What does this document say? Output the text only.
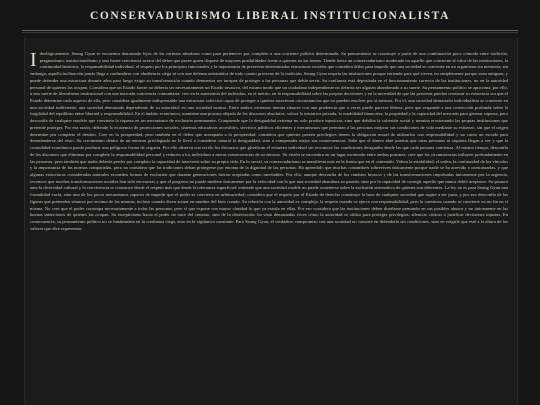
CONSERVADURISMO LIBERAL INSTITUCIONALISTA
Ideológicamente, Seung Gyun se encuentra demasiado lejos de las certezas absolutas como para pertenecer por completo a una corriente política determinada. Su pensamiento se construye a partir de una combinación poco cómoda entre tradición, pragmatismo, institucionalismo y una fuerte conciencia acerca del deber que posee quien dispone de mayores posibilidades frente a quienes no las tienen. Tiende hacia un conservadurismo moderado en aquello que concierne al valor de las instituciones, la continuidad histórica, la responsabilidad individual, el respeto por los principios funcionales y la importancia de preservar determinadas estructuras sociales que considera útiles para impedir que una sociedad se convierta en un organismo sin memoria; sin embargo, aquella inclinación jamás llega a confundirse con obediencia ciega ni con una defensa automática de todo cuanto proviene de la tradición. Seung Gyun respeta las instituciones porque entiende para qué sirven, no simplemente porque sean antiguas, y puede defender una estructura durante años para luego exigir su transformación cuando demuestra ser incapaz de proteger a las personas que debía servir. Su confianza está depositada en el funcionamiento correcto de las instituciones, no en la autoridad personal de quienes las ocupan. Considera que un Estado fuerte no debería ser necesariamente un Estado invasivo, del mismo modo que un ciudadano independiente no debería ser alguien abandonado a su suerte. Su pensamiento político se aproxima, por ello, a una suerte de liberalismo institucional con una marcada conciencia comunitaria: cree en la autonomía del individuo, en el mérito, en la responsabilidad sobre las propias decisiones y en la necesidad de que las personas puedan construir su existencia sin que el Estado determine cada aspecto de ella, pero considera igualmente indispensable una estructura colectiva capaz de proteger a quienes atraviesan circunstancias que no pueden resolver por sí mismas. Por el, una sociedad demasiado individualista se convierte en una sociedad indiferente; una sociedad demasiado dependiente de su autoridad, en una sociedad sumisa. Entre ambos extremos intenta situarse con una prudencia que a veces puede parecer tibieza, pero que responde a una convicción profunda sobre la fragilidad del equilibrio entre libertad y responsabilidad. En el ámbito económico, mantiene una postura alejada de los discursos absolutos: valora la iniciativa privada, la estabilidad financiera, la propiedad y la capacidad del mercado para generar riqueza, pero desconfía de cualquier modelo que convierta la riqueza en un mecanismo de exclusión permanente. Comprende que la desigualdad extrema no solo produce injusticia, sino que debilita la cohesión social y termina erosionando las propias instituciones que pretende proteger. Por esa razón, defiende la existencia de protecciones sociales, sistemas educativos accesibles, servicios públicos eficientes y mecanismos que permitan a las personas mejorar sus condiciones de vida mediante su esfuerzo, sin que el origen determine por completo el destino. Cree en la prosperidad, pero también en el deber que acompaña a la prosperidad; considera que quienes poseen privilegios tienen la obligación moral de utilizarlos con responsabilidad y no como un escudo para desentenderse del resto. Su crecimiento dentro de un entorno privilegiado no le llevó a considerar natural la desigualdad, sino a comprender mejor sus consecuencias. Sabe que el dinero abre puertas que otras personas ni siquiera llegan a ver y que la comodidad económica puede producir una peligrosa forma de ceguera. Por ello observa con recelo los discursos que glorifican el esfuerzo individual sin reconocer las condiciones desiguales desde las que cada persona comienza. Al mismo tiempo, desconfía de los discursos que eliminan por completo la responsabilidad personal y reducen a los individuos a meras consecuencias de su entorno. Su visión se encuentra en un lugar incómodo entre ambas posturas: cree que las circunstancias influyen profundamente en las personas, pero también que nadie debería perder por completo la capacidad de intervenir sobre su propia vida. En lo social, su conservadurismo se manifiesta más en la forma que en el contenido. Valora la estabilidad, el orden, la continuidad de los vínculos y la importancia de las normas compartidas, pero no considera que las tradiciones deban protegerse por encima de la dignidad de las personas. Ha aprendido que muchas costumbres sobreviven únicamente porque nadie se ha atrevido a cuestionarlas, y que algunas estructuras consideradas naturales esconden formas de exclusión que durante generaciones fueron aceptadas como inevitables. Por ello, aunque desconfía de los cambios bruscos y de las transformaciones impulsadas únicamente por la urgencia, reconoce que muchas transformaciones sociales han sido necesarias y que el progreso no puede medirse únicamente por la velocidad con la que una sociedad abandona su pasado, sino por la capacidad de corregir aquello que nunca debió aceptarse. Su postura ante la diversidad cultural y la convivencia se construye desde el respeto más que desde la tolerancia superficial: entiende que una sociedad estable no puede sostenerse sobre la exclusión sistemática de quienes son diferentes. La ley no es para Seung Gyun una formalidad vacía, sino uno de los pocos mecanismos capaces de impedir que el poder se convierta en arbitrariedad; considera que el respeto por el Estado de derecho constituye la base de cualquier sociedad que aspire a ser justa, y por eso desconfía de las figuras que pretenden situarse por encima de las normas, incluso cuando dicen actuar en nombre del bien común. Su relación con la autoridad es compleja: la respeta cuando se ejerce con responsabilidad, pero la cuestiona cuando se convierte en un fin en sí misma. No cree que el poder corrompa necesariamente a todas las personas, pero sí que expone con mayor claridad lo que ya existía en ellas. Por eso considera que las instituciones deben diseñarse pensando en sus posibles abusos y no únicamente en las buenas intenciones de quienes las ocupan. Su escepticismo hacia el poder no nace del cinismo, sino de la observación: ha visto demasiadas veces cómo la autoridad se utiliza para proteger privilegios, silenciar críticas o justificar decisiones injustas. En consecuencia, su pensamiento político no se fundamenta en la confianza ciega, sino en la vigilancia constante. Para Seung Gyun, el verdadero compromiso con una sociedad no consiste en defenderla sin condiciones, sino en exigirle que esté a la altura de los valores que dice representar.
